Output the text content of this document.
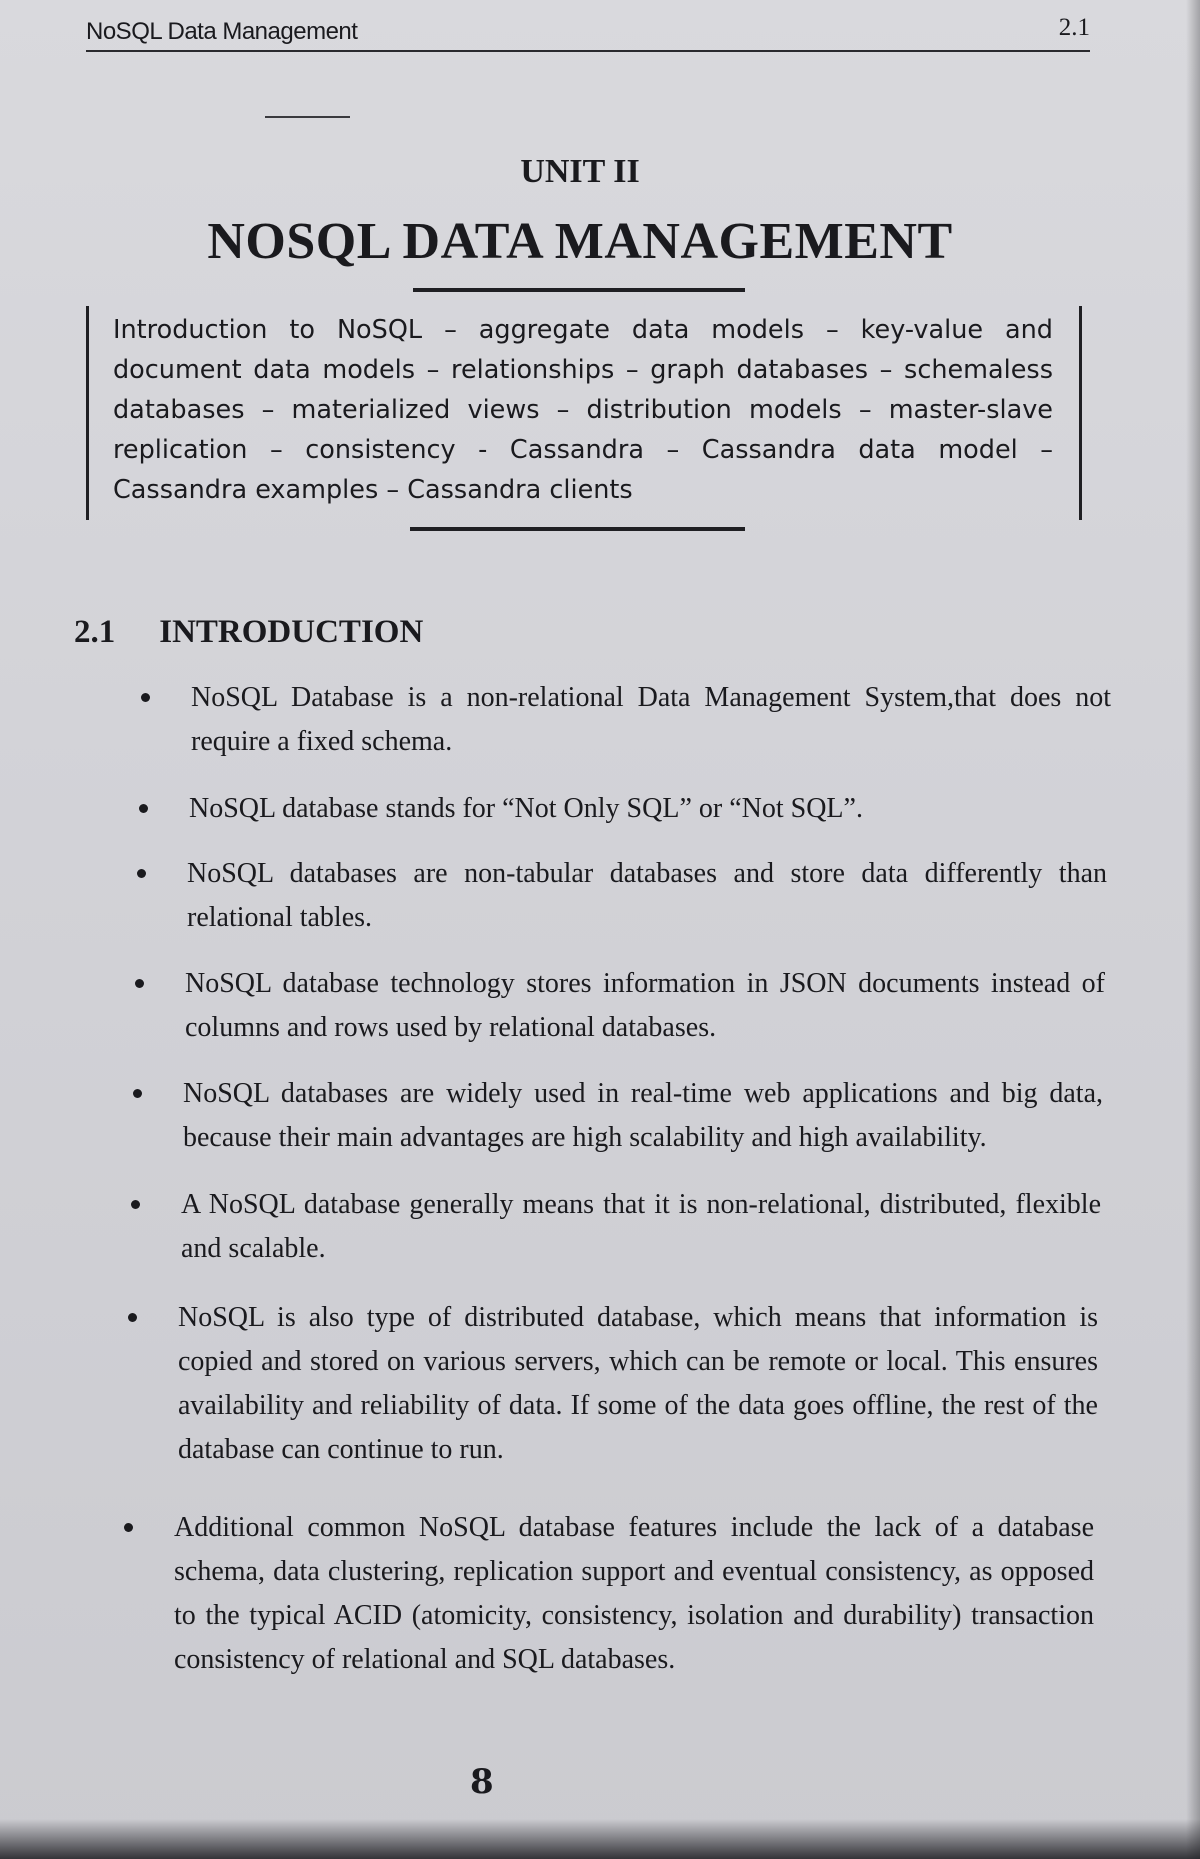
NoSQL Data Management	2.1
UNIT II
NOSQL DATA MANAGEMENT
Introduction to NoSQL – aggregate data models – key-value and document data models – relationships – graph databases – schemaless databases – materialized views – distribution models – master-slave replication – consistency - Cassandra – Cassandra data model – Cassandra examples – Cassandra clients
2.1 INTRODUCTION
NoSQL Database is a non-relational Data Management System,that does not require a fixed schema.
NoSQL database stands for “Not Only SQL” or “Not SQL”.
NoSQL databases are non-tabular databases and store data differently than relational tables.
NoSQL database technology stores information in JSON documents instead of columns and rows used by relational databases.
NoSQL databases are widely used in real-time web applications and big data, because their main advantages are high scalability and high availability.
A NoSQL database generally means that it is non-relational, distributed, flexible and scalable.
NoSQL is also type of distributed database, which means that information is copied and stored on various servers, which can be remote or local. This ensures availability and reliability of data. If some of the data goes offline, the rest of the database can continue to run.
Additional common NoSQL database features include the lack of a database schema, data clustering, replication support and eventual consistency, as opposed to the typical ACID (atomicity, consistency, isolation and durability) transaction consistency of relational and SQL databases.
8
